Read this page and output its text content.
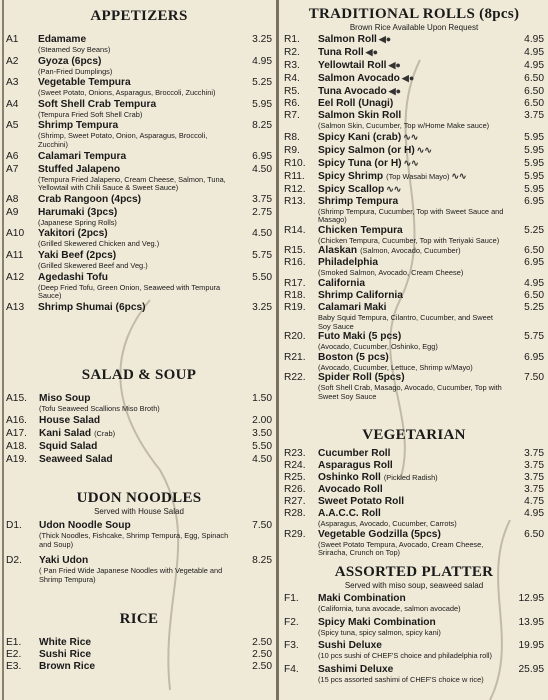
APPETIZERS
A1	Edamame	3.25
(Steamed Soy Beans)
A2	Gyoza (6pcs)	4.95
(Pan-Fried Dumplings)
A3	Vegetable Tempura	5.25
(Sweet Potato, Onions, Asparagus, Broccoli, Zucchini)
A4	Soft Shell Crab Tempura	5.95
(Tempura Fried Soft Shell Crab)
A5	Shrimp Tempura	8.25
(Shrimp, Sweet Potato, Onion, Asparagus, Broccoli, Zucchini)
A6	Calamari Tempura	6.95
A7	Stuffed Jalapeno	4.50
(Tempura Fried Jalapeno, Cream Cheese, Salmon, Tuna, Yellowtail with Chili Sauce & Sweet Sauce)
A8	Crab Rangoon (4pcs)	3.75
A9	Harumaki (3pcs)	2.75
(Japanese Spring Rolls)
A10	Yakitori (2pcs)	4.50
(Grilled Skewered Chicken and Veg.)
A11	Yaki Beef (2pcs)	5.75
(Grilled Skewered Beef and Veg.)
A12	Agedashi Tofu	5.50
(Deep Fried Tofu, Green Onion, Seaweed with Tempura Sauce)
A13	Shrimp Shumai (6pcs)	3.25
SALAD & SOUP
A15.	Miso Soup	1.50
(Tofu Seaweed Scallions Miso Broth)
A16.	House Salad	2.00
A17.	Kani Salad (Crab)	3.50
A18.	Squid Salad	5.50
A19.	Seaweed Salad	4.50
UDON NOODLES
Served with House Salad
D1.	Udon Noodle Soup	7.50
(Thick Noodles, Fishcake, Shrimp Tempura, Egg, Spinach and Soup)
D2.	Yaki Udon	8.25
( Pan Fried Wide Japanese Noodles with Vegetable and Shrimp Tempura)
RICE
E1.	White Rice	2.50
E2.	Sushi Rice	2.50
E3.	Brown Rice	2.50
TRADITIONAL ROLLS (8pcs)
Brown Rice Available Upon Request
R1.	Salmon Roll ◀●	4.95
R2.	Tuna Roll ◀●	4.95
R3.	Yellowtail Roll ◀●	4.95
R4.	Salmon Avocado ◀●	6.50
R5.	Tuna Avocado ◀●	6.50
R6.	Eel Roll (Unagi)	6.50
R7.	Salmon Skin Roll	3.75
(Salmon Skin, Cucumber, Top w/Home Make sauce)
R8.	Spicy Kani (crab) ∿∿	5.95
R9.	Spicy Salmon (or H) ∿∿	5.95
R10.	Spicy Tuna (or H) ∿∿	5.95
R11.	Spicy Shrimp (Top Wasabi Mayo) ∿∿	5.95
R12.	Spicy Scallop ∿∿	5.95
R13.	Shrimp Tempura	6.95
(Shrimp Tempura, Cucumber, Top with Sweet Sauce and Masago)
R14.	Chicken Tempura	5.25
(Chicken Tempura, Cucumber, Top with Teriyaki Sauce)
R15.	Alaskan (Salmon, Avocado, Cucumber)	6.50
R16.	Philadelphia	6.95
(Smoked Salmon, Avocado, Cream Cheese)
R17.	California	4.95
R18.	Shrimp California	6.50
R19.	Calamari Maki	5.25
Baby Squid Tempura, Cilantro, Cucumber, and Sweet Soy Sauce
R20.	Futo Maki (5 pcs)	5.75
(Avocado, Cucumber, Oshinko, Egg)
R21.	Boston (5 pcs)	6.95
(Avocado, Cucumber, Lettuce, Shrimp w/Mayo)
R22.	Spider Roll (5pcs)	7.50
(Soft Shell Crab, Masago, Avocado, Cucumber, Top with Sweet Soy Sauce
VEGETARIAN
R23.	Cucumber Roll	3.75
R24.	Asparagus Roll	3.75
R25.	Oshinko Roll (Pickled Radish)	3.75
R26.	Avocado Roll	3.75
R27.	Sweet Potato Roll	4.75
R28.	A.A.C.C. Roll	4.95
(Asparagus, Avocado, Cucumber, Carrots)
R29.	Vegetable Godzilla (5pcs)	6.50
(Sweet Potato Tempura, Avocado, Cream Cheese, Sriracha, Crunch on Top)
ASSORTED PLATTER
Served with miso soup, seaweed salad
F1.	Maki Combination	12.95
(California, tuna avocade, salmon avocade)
F2.	Spicy Maki Combination	13.95
(Spicy tuna, spicy salmon, spicy kani)
F3.	Sushi Deluxe	19.95
(10 pcs sushi of CHEF'S choice and philadelphia roll)
F4.	Sashimi Deluxe	25.95
(15 pcs assorted sashimi of CHEF'S choice w rice)
